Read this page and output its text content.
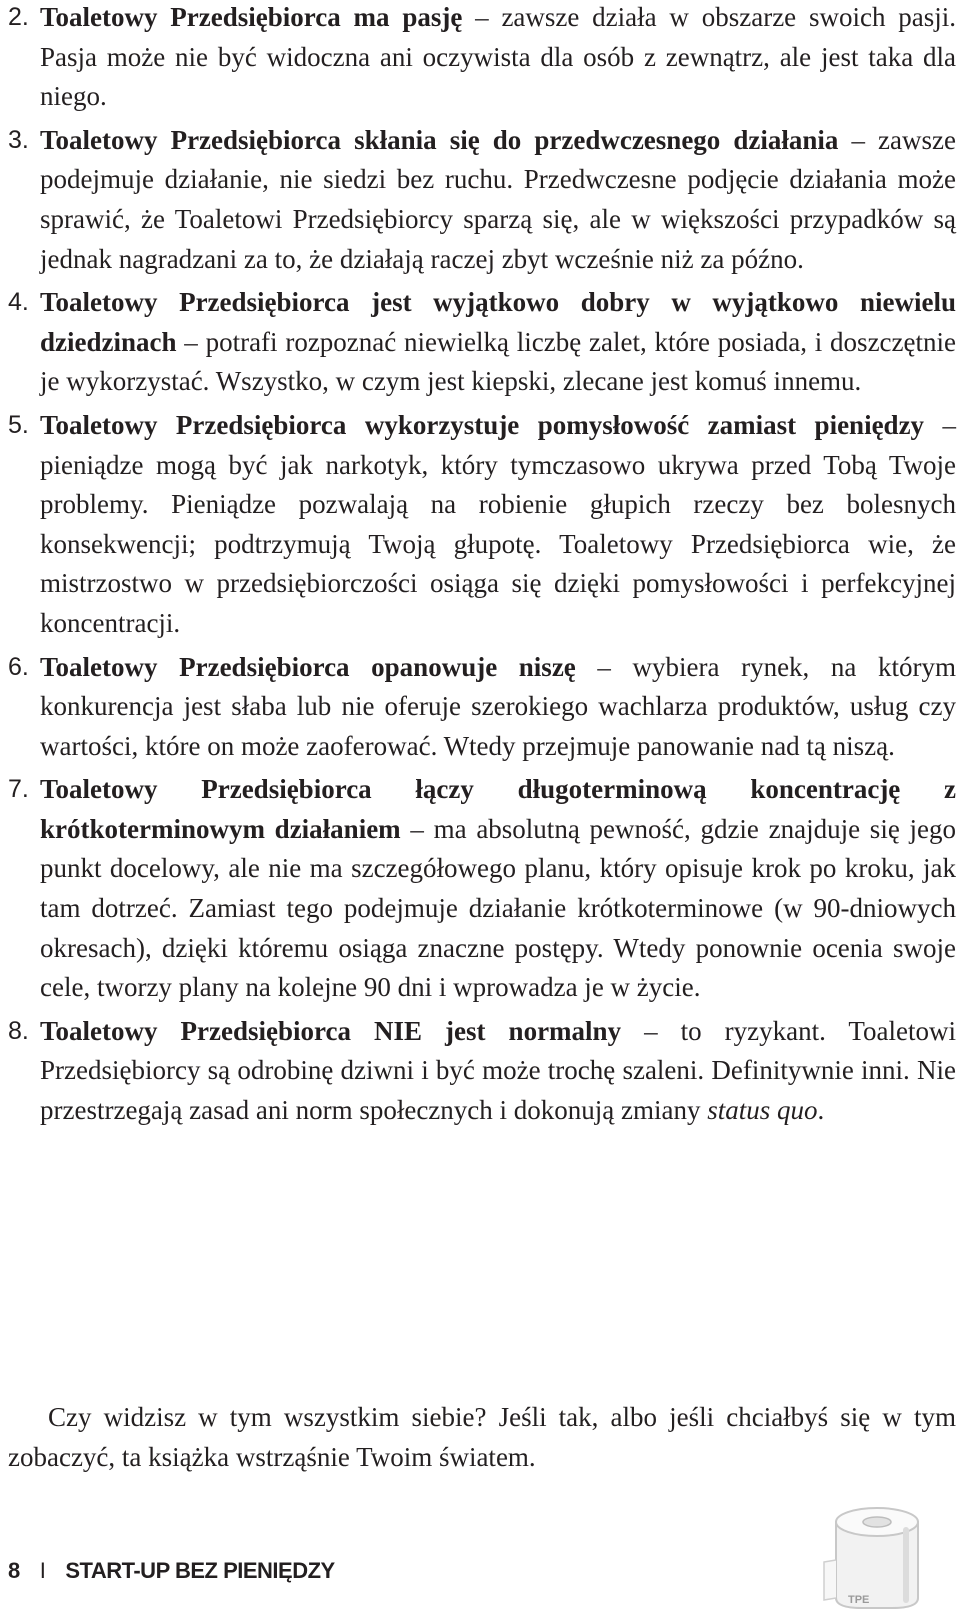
2. Toaletowy Przedsiębiorca ma pasję – zawsze działa w obszarze swoich pasji. Pasja może nie być widoczna ani oczywista dla osób z zewnątrz, ale jest taka dla niego.
3. Toaletowy Przedsiębiorca skłania się do przedwczesnego działania – zawsze podejmuje działanie, nie siedzi bez ruchu. Przedwczesne podjęcie działania może sprawić, że Toaletowi Przedsiębiorcy sparzą się, ale w większości przypadków są jednak nagradzani za to, że działają raczej zbyt wcześnie niż za późno.
4. Toaletowy Przedsiębiorca jest wyjątkowo dobry w wyjątkowo niewielu dziedzinach – potrafi rozpoznać niewielką liczbę zalet, które posiada, i doszczętnie je wykorzystać. Wszystko, w czym jest kiepski, zlecane jest komuś innemu.
5. Toaletowy Przedsiębiorca wykorzystuje pomysłowość zamiast pieniędzy – pieniądze mogą być jak narkotyk, który tymczasowo ukrywa przed Tobą Twoje problemy. Pieniądze pozwalają na robienie głupich rzeczy bez bolesnych konsekwencji; podtrzymują Twoją głupotę. Toaletowy Przedsiębiorca wie, że mistrzostwo w przedsiębiorczości osiąga się dzięki pomysłowości i perfekcyjnej koncentracji.
6. Toaletowy Przedsiębiorca opanowuje niszę – wybiera rynek, na którym konkurencja jest słaba lub nie oferuje szerokiego wachlarza produktów, usług czy wartości, które on może zaoferować. Wtedy przejmuje panowanie nad tą niszą.
7. Toaletowy Przedsiębiorca łączy długoterminową koncentrację z krótkoterminowym działaniem – ma absolutną pewność, gdzie znajduje się jego punkt docelowy, ale nie ma szczegółowego planu, który opisuje krok po kroku, jak tam dotrzeć. Zamiast tego podejmuje działanie krótkoterminowe (w 90-dniowych okresach), dzięki któremu osiąga znaczne postępy. Wtedy ponownie ocenia swoje cele, tworzy plany na kolejne 90 dni i wprowadza je w życie.
8. Toaletowy Przedsiębiorca NIE jest normalny – to ryzykant. Toaletowi Przedsiębiorcy są odrobinę dziwni i być może trochę szaleni. Definitywnie inni. Nie przestrzegają zasad ani norm społecznych i dokonują zmiany status quo.

Czy widzisz w tym wszystkim siebie? Jeśli tak, albo jeśli chciałbyś się w tym zobaczyć, ta książka wstrząśnie Twoim światem.

8 I START-UP BEZ PIENIĘDZY
TPE
